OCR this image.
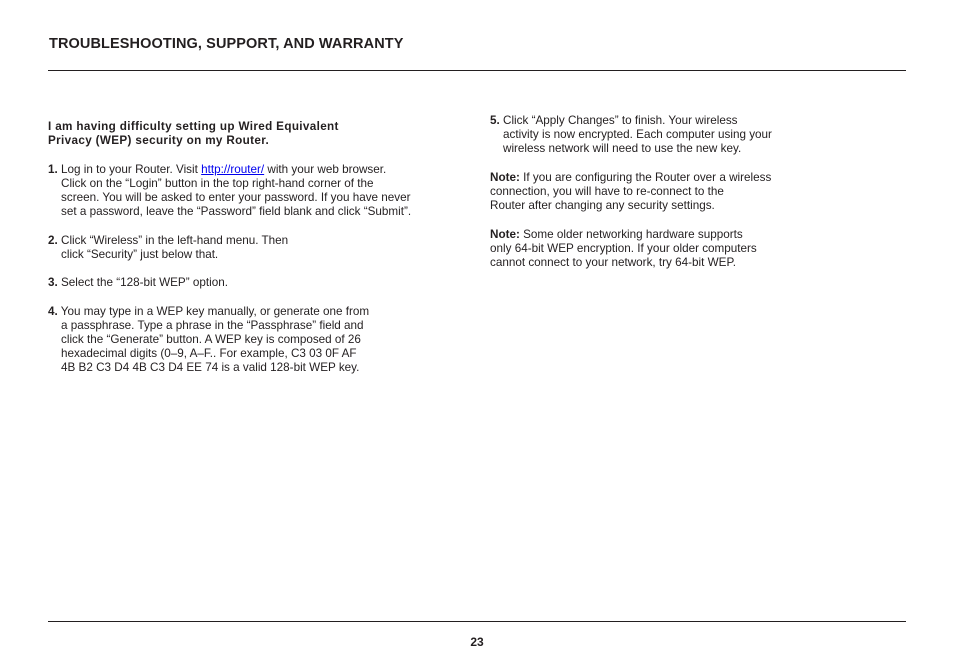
TROUBLESHOOTING, SUPPORT, AND WARRANTY
I am having difficulty setting up Wired Equivalent
Privacy (WEP) security on my Router.
1. Log in to your Router. Visit http://router/ with your web browser.
Click on the “Login” button in the top right-hand corner of the
screen. You will be asked to enter your password. If you have never
set a password, leave the “Password” field blank and click “Submit”.
2. Click “Wireless” in the left-hand menu. Then
click “Security” just below that.
3. Select the “128-bit WEP” option.
4. You may type in a WEP key manually, or generate one from
a passphrase. Type a phrase in the “Passphrase” field and
click the “Generate” button. A WEP key is composed of 26
hexadecimal digits (0–9, A–F.. For example, C3 03 0F AF
4B B2 C3 D4 4B C3 D4 EE 74 is a valid 128-bit WEP key.
5. Click “Apply Changes” to finish. Your wireless
activity is now encrypted. Each computer using your
wireless network will need to use the new key.
Note: If you are configuring the Router over a wireless
connection, you will have to re-connect to the
Router after changing any security settings.
Note: Some older networking hardware supports
only 64-bit WEP encryption. If your older computers
cannot connect to your network, try 64-bit WEP.
23
